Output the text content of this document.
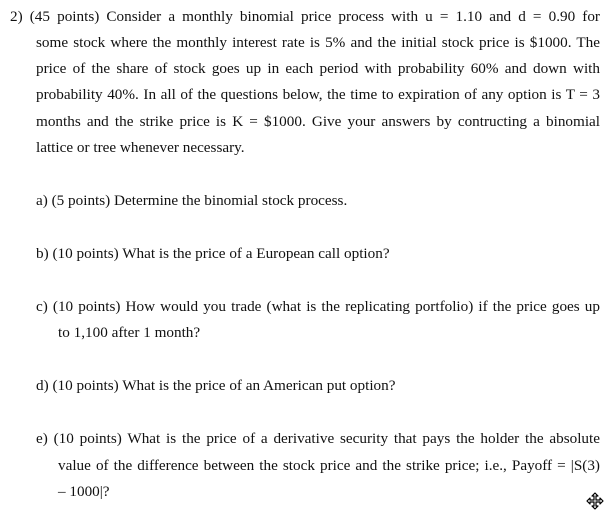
2) (45 points) Consider a monthly binomial price process with u = 1.10 and d = 0.90 for
some stock where the monthly interest rate is 5% and the initial stock price is $1000. The
price of the share of stock goes up in each period with probability 60% and down with
probability 40%. In all of the questions below, the time to expiration of any option is T = 3
months and the strike price is K = $1000. Give your answers by contructing a binomial
lattice or tree whenever necessary.
a) (5 points) Determine the binomial stock process.
b) (10 points) What is the price of a European call option?
c) (10 points) How would you trade (what is the replicating portfolio) if the price goes up
to 1,100 after 1 month?
d) (10 points) What is the price of an American put option?
e) (10 points) What is the price of a derivative security that pays the holder the absolute
value of the difference between the stock price and the strike price; i.e., Payoff = |S(3)
– 1000|?
